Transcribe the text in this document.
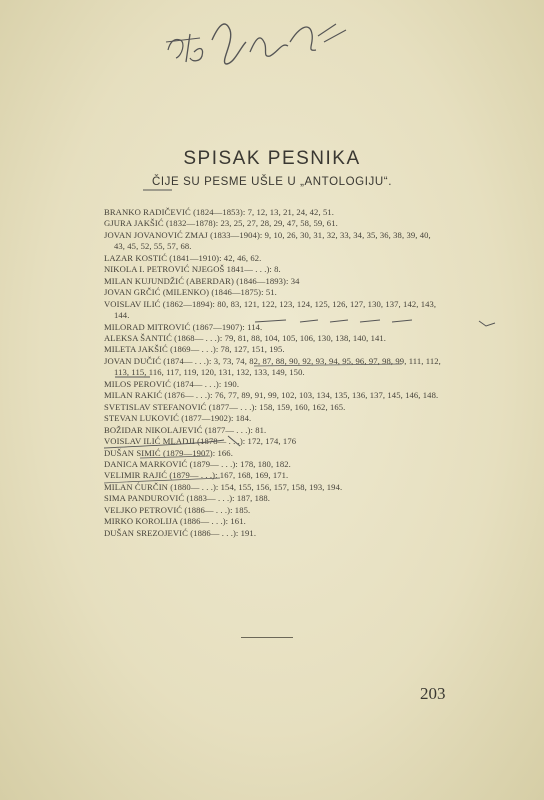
SPISAK PESNIKA
ČIJE SU PESME UŠLE U „ANTOLOGIJU“.
BRANKO RADIČEVIĆ (1824—1853): 7, 12, 13, 21, 24, 42, 51.
GJURA JAKŠIĆ (1832—1878): 23, 25, 27, 28, 29, 47, 58, 59, 61.
JOVAN JOVANOVIĆ ZMAJ (1833—1904): 9, 10, 26, 30, 31, 32, 33, 34, 35, 36, 38, 39, 40, 43, 45, 52, 55, 57, 68.
LAZAR KOSTIĆ (1841—1910): 42, 46, 62.
NIKOLA I. PETROVIĆ NJEGOŠ 1841— . . .): 8.
MILAN KUJUNDŽIĆ (ABERDAR) (1846—1893): 34
JOVAN GRČIĆ (MILENKO) (1846—1875): 51.
VOISLAV ILIĆ (1862—1894): 80, 83, 121, 122, 123, 124, 125, 126, 127, 130, 137, 142, 143, 144.
MILORAD MITROVIĆ (1867—1907): 114.
ALEKSA ŠANTIĆ (1868— . . .): 79, 81, 88, 104, 105, 106, 130, 138, 140, 141.
MILETA JAKŠIĆ (1869— . . .): 78, 127, 151, 195.
JOVAN DUČIĆ (1874— . . .): 3, 73, 74, 82, 87, 88, 90, 92, 93, 94, 95, 96, 97, 98, 99, 111, 112, 113, 115, 116, 117, 119, 120, 131, 132, 133, 149, 150.
MILOS PEROVIĆ (1874— . . .): 190.
MILAN RAKIĆ (1876— . . .): 76, 77, 89, 91, 99, 102, 103, 134, 135, 136, 137, 145, 146, 148.
SVETISLAV STEFANOVIĆ (1877— . . .): 158, 159, 160, 162, 165.
STEVAN LUKOVIĆ (1877—1902): 184.
BOŽIDAR NIKOLAJEVIĆ (1877— . . .): 81.
VOISLAV ILIĆ MLADJI (1878— . . .): 172, 174, 176
DUŠAN SIMIĆ (1879—1907): 166.
DANICA MARKOVIĆ (1879— . . .): 178, 180, 182.
VELIMIR RAJIĆ (1879— . . .): 167, 168, 169, 171.
MILAN ĆURČIN (1880— . . .): 154, 155, 156, 157, 158, 193, 194.
SIMA PANDUROVIĆ (1883— . . .): 187, 188.
VELJKO PETROVIĆ (1886— . . .): 185.
MIRKO KOROLIJA (1886— . . .): 161.
DUŠAN SREZOJEVIĆ (1886— . . .): 191.
203
